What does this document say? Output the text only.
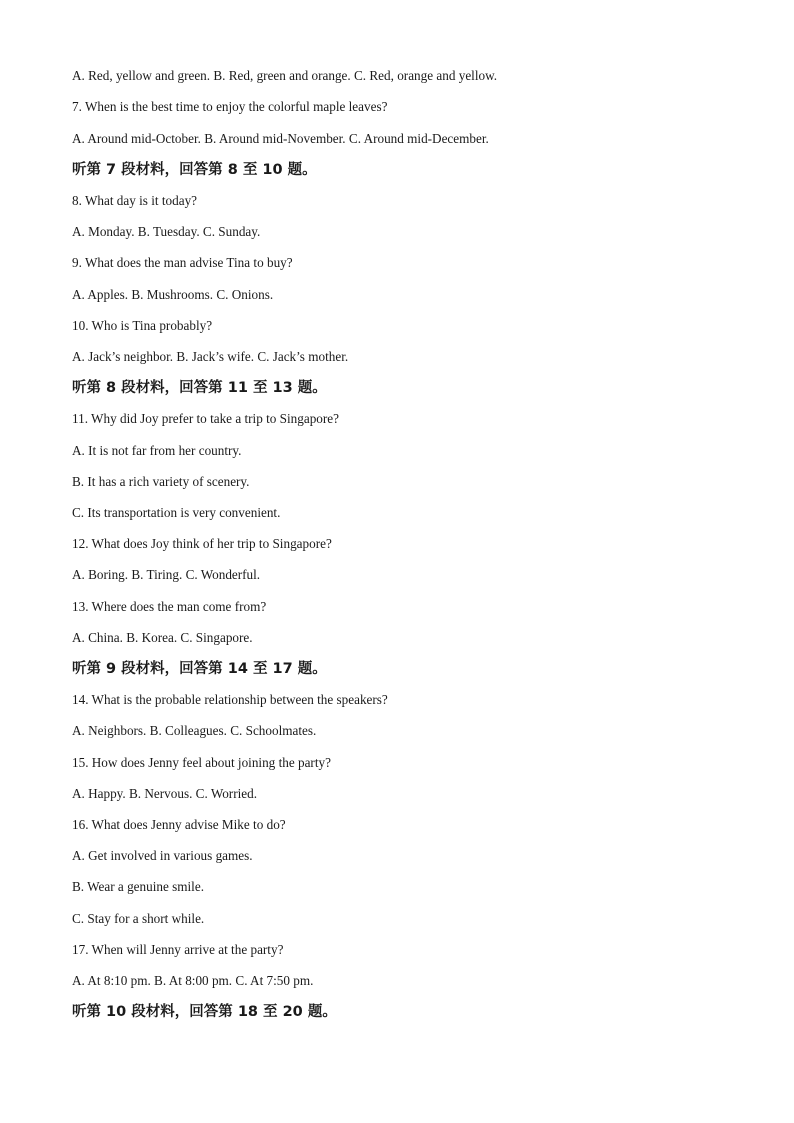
A. Red, yellow and green. B. Red, green and orange. C. Red, orange and yellow.
7. When is the best time to enjoy the colorful maple leaves?
A. Around mid-October. B. Around mid-November. C. Around mid-December.
听第 7 段材料，回答第 8 至 10 题。
8. What day is it today?
A. Monday. B. Tuesday. C. Sunday.
9. What does the man advise Tina to buy?
A. Apples. B. Mushrooms. C. Onions.
10. Who is Tina probably?
A. Jack’s neighbor. B. Jack’s wife. C. Jack’s mother.
听第 8 段材料，回答第 11 至 13 题。
11. Why did Joy prefer to take a trip to Singapore?
A. It is not far from her country.
B. It has a rich variety of scenery.
C. Its transportation is very convenient.
12. What does Joy think of her trip to Singapore?
A. Boring. B. Tiring. C. Wonderful.
13. Where does the man come from?
A. China. B. Korea. C. Singapore.
听第 9 段材料，回答第 14 至 17 题。
14. What is the probable relationship between the speakers?
A. Neighbors. B. Colleagues. C. Schoolmates.
15. How does Jenny feel about joining the party?
A. Happy. B. Nervous. C. Worried.
16. What does Jenny advise Mike to do?
A. Get involved in various games.
B. Wear a genuine smile.
C. Stay for a short while.
17. When will Jenny arrive at the party?
A. At 8:10 pm. B. At 8:00 pm. C. At 7:50 pm.
听第 10 段材料，回答第 18 至 20 题。
